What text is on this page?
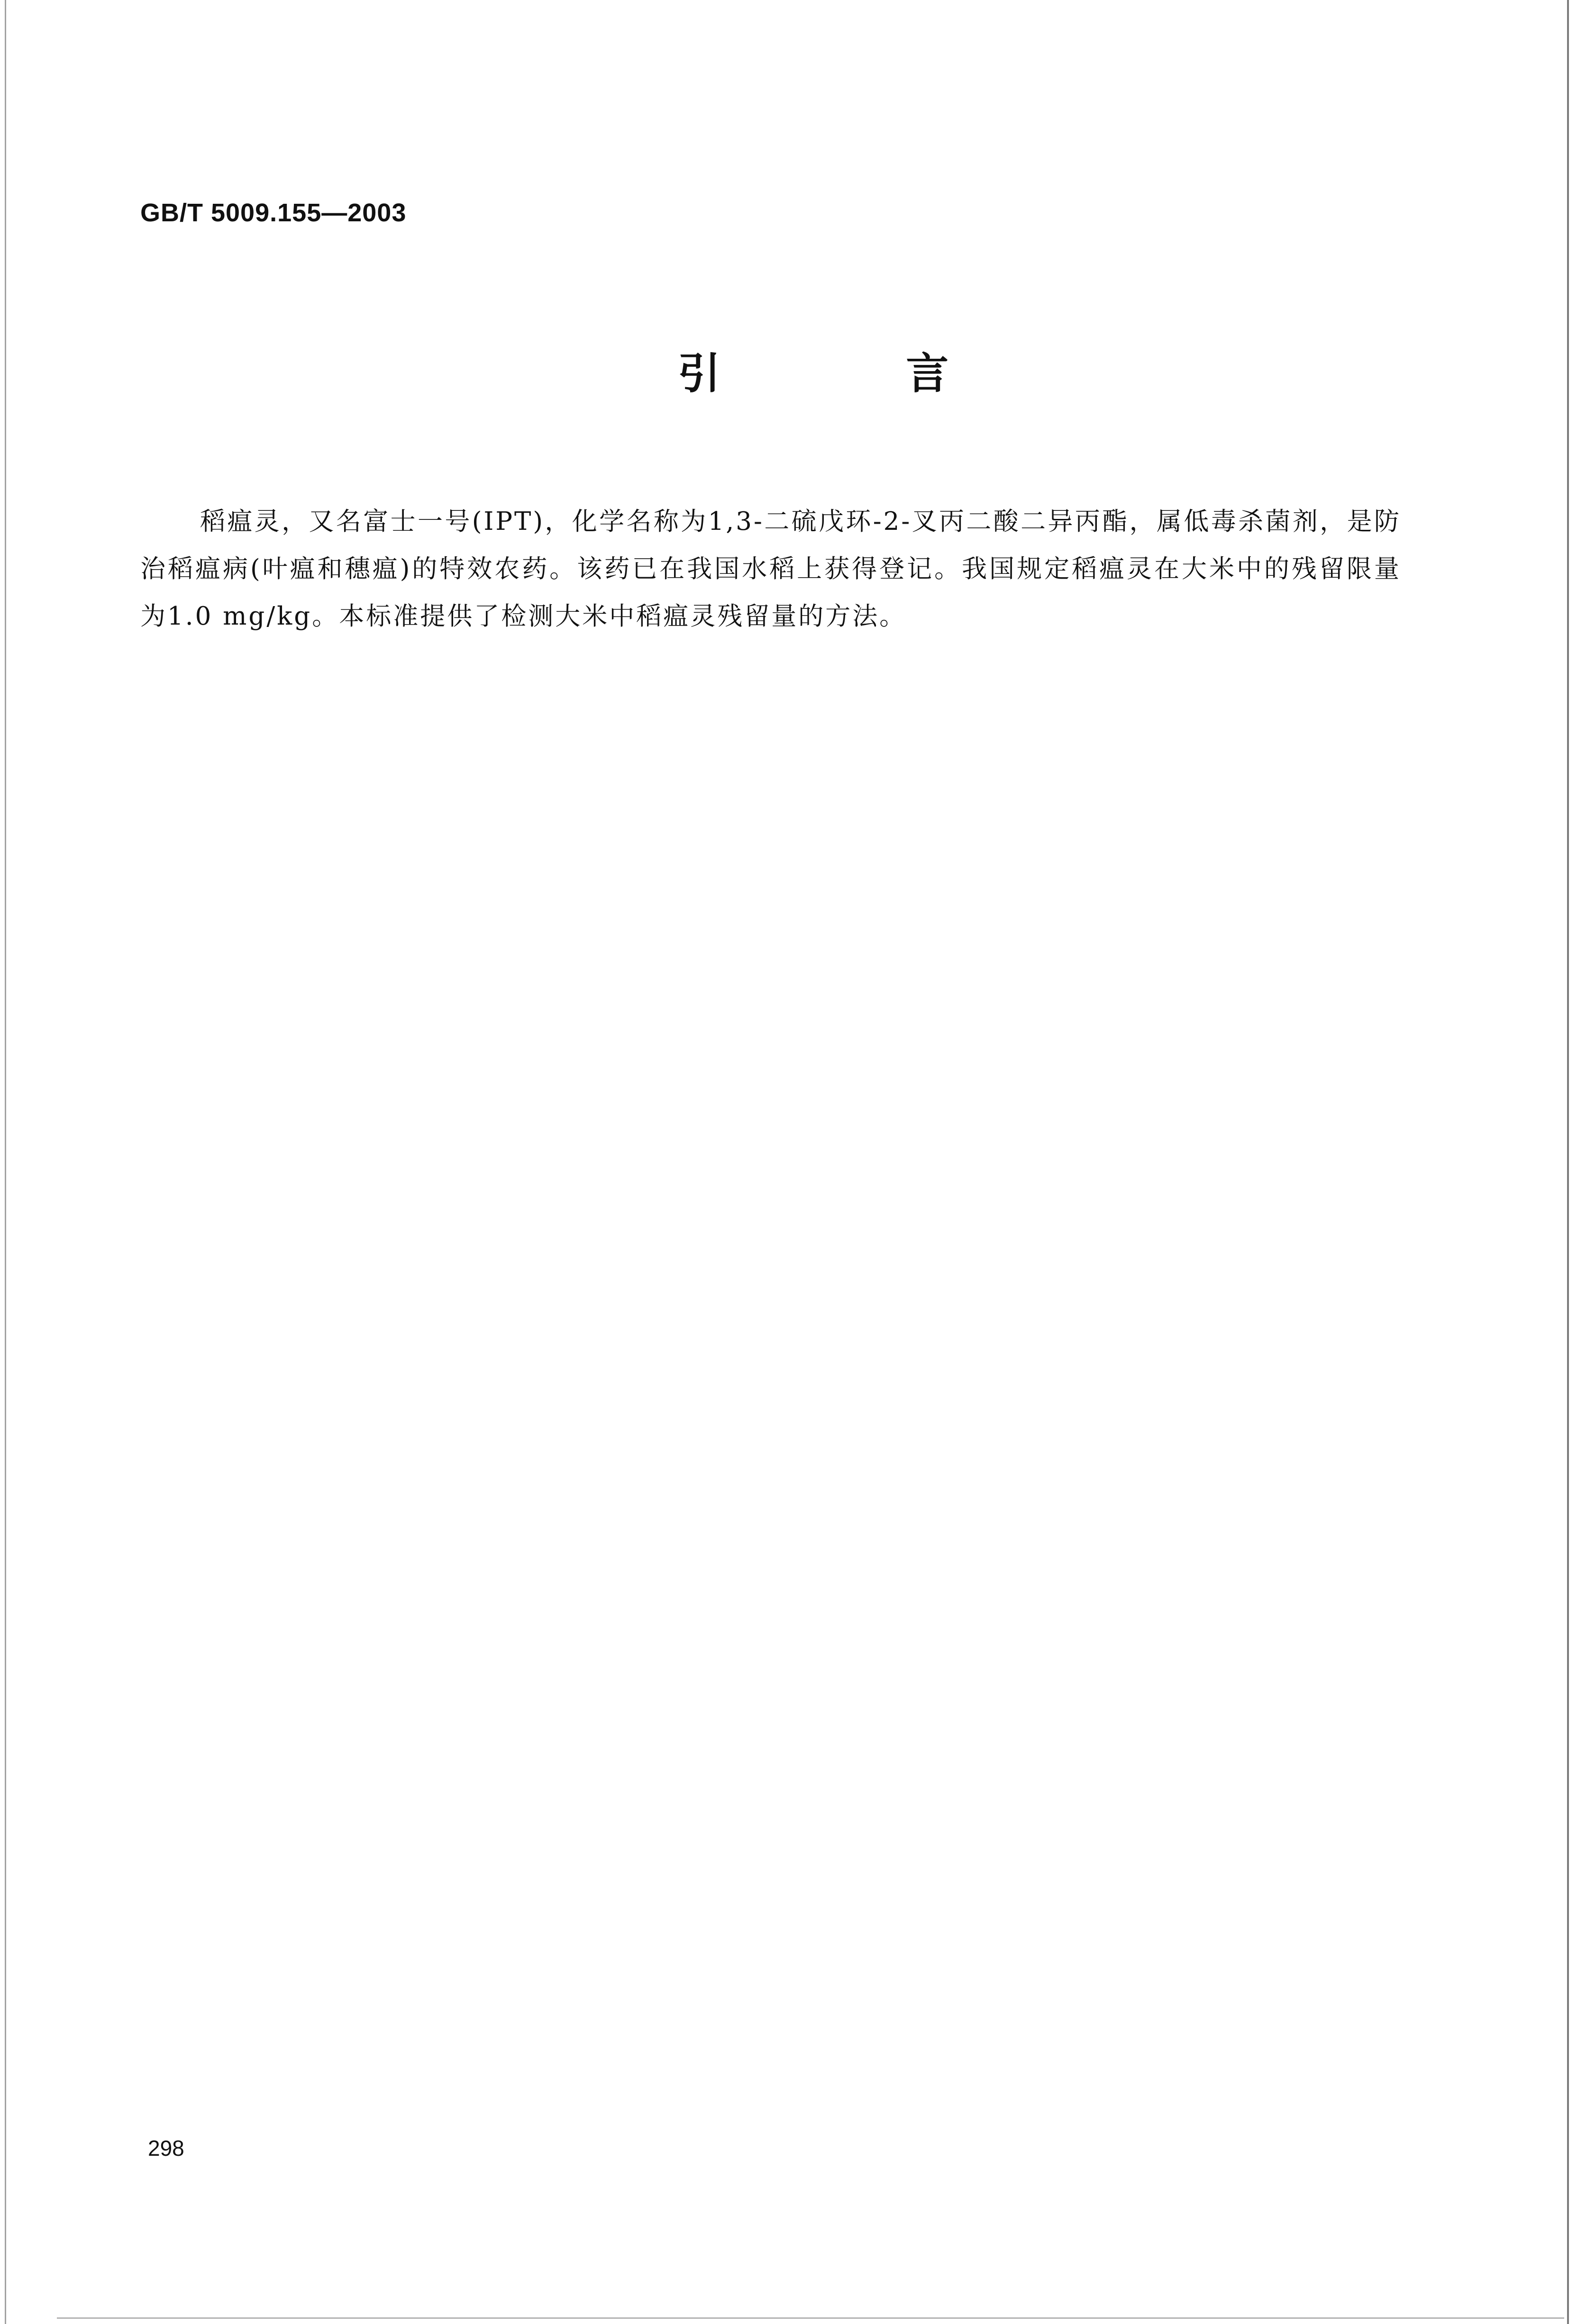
GB/T 5009.155—2003
引 言

稻瘟灵，又名富士一号(IPT)，化学名称为1,3-二硫戊环-2-叉丙二酸二异丙酯，属低毒杀菌剂，是防治稻瘟病(叶瘟和穗瘟)的特效农药。该药已在我国水稻上获得登记。我国规定稻瘟灵在大米中的残留限量为1.0 mg/kg。本标准提供了检测大米中稻瘟灵残留量的方法。

298
